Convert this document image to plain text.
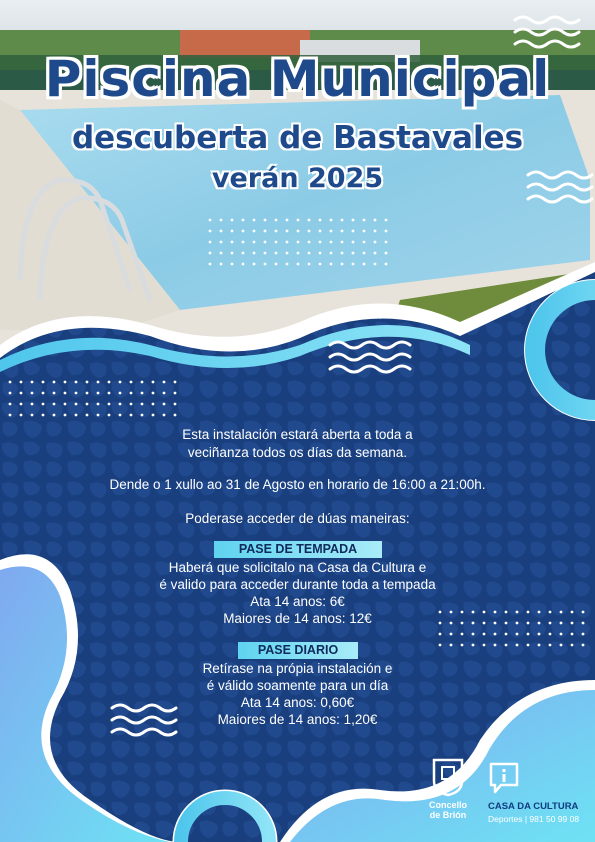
Piscina Municipal
descuberta de Bastavales
verán 2025
Esta instalación estará aberta a toda a
veciñanza todos os días da semana.
Dende o 1 xullo ao 31 de Agosto en horario de 16:00 a 21:00h.
Poderase acceder de dúas maneiras:
PASE DE TEMPADA
Haberá que solicitalo na Casa da Cultura e
é valido para acceder durante toda a tempada
Ata 14 anos: 6€
Maiores de 14 anos: 12€
PASE DIARIO
Retírase na própia instalación e
é válido soamente para un día
Ata 14 anos: 0,60€
Maiores de 14 anos: 1,20€
Concello
de Brión
CASA DA CULTURA
Deportes | 981 50 99 08
